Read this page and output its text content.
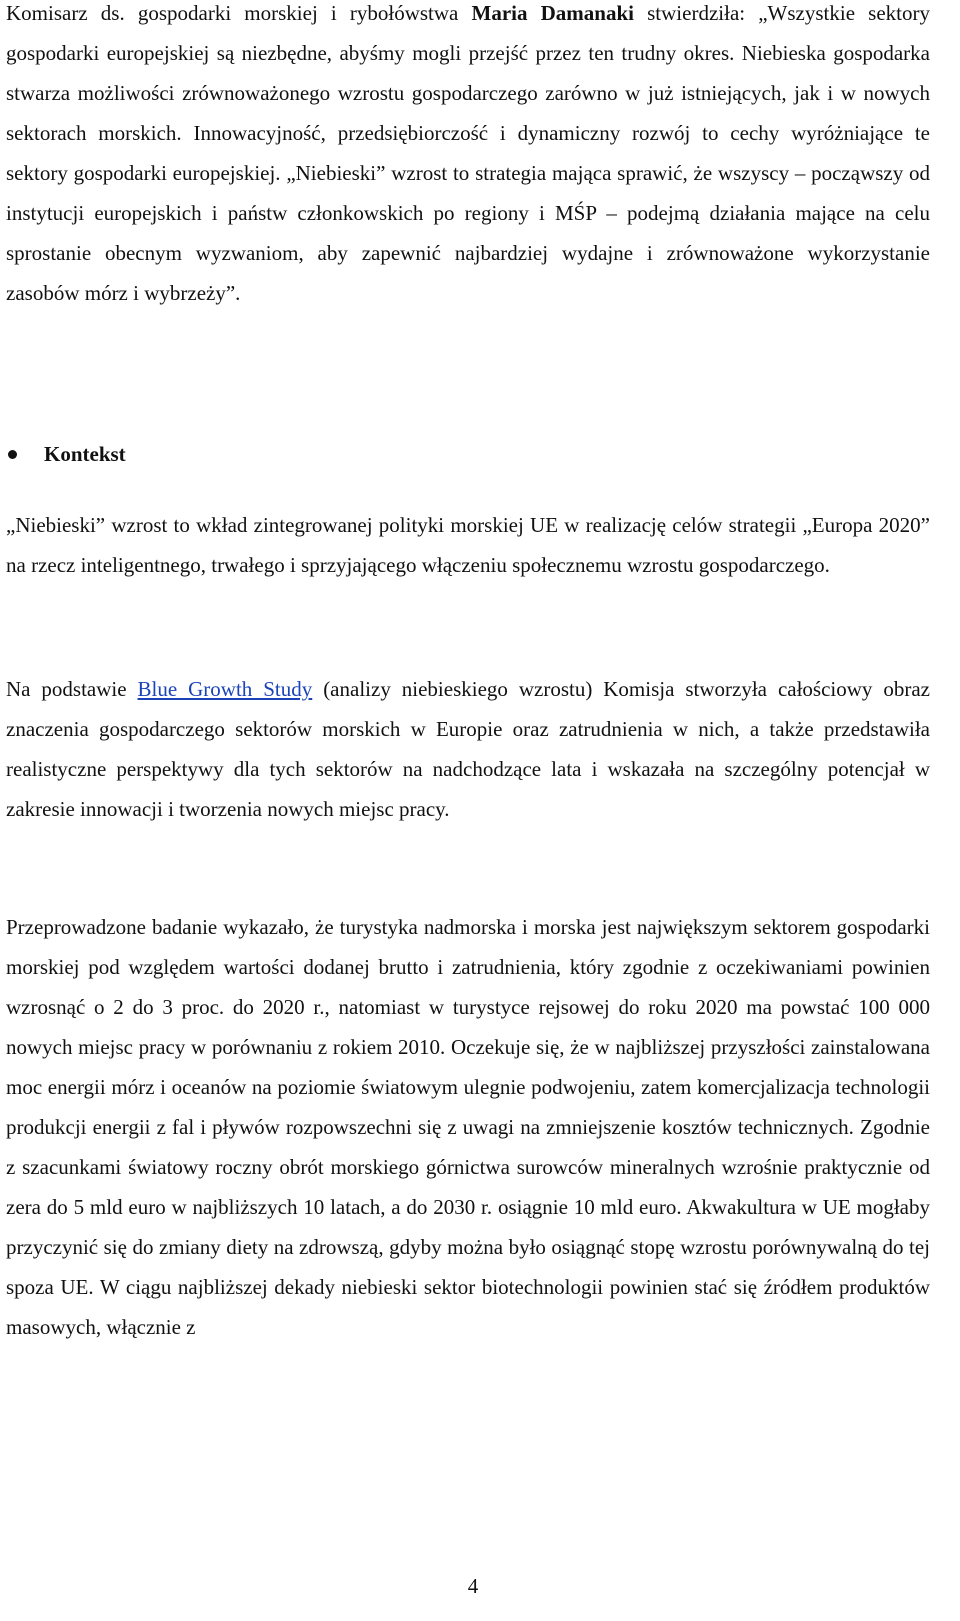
Komisarz ds. gospodarki morskiej i rybołówstwa Maria Damanaki stwierdziła: „Wszystkie sektory gospodarki europejskiej są niezbędne, abyśmy mogli przejść przez ten trudny okres. Niebieska gospodarka stwarza możliwości zrównoważonego wzrostu gospodarczego zarówno w już istniejących, jak i w nowych sektorach morskich. Innowacyjność, przedsiębiorczość i dynamiczny rozwój to cechy wyróżniające te sektory gospodarki europejskiej. „Niebieski” wzrost to strategia mająca sprawić, że wszyscy – począwszy od instytucji europejskich i państw członkowskich po regiony i MŚP – podejmą działania mające na celu sprostanie obecnym wyzwaniom, aby zapewnić najbardziej wydajne i zrównoważone wykorzystanie zasobów mórz i wybrzeży”.

Kontekst

„Niebieski” wzrost to wkład zintegrowanej polityki morskiej UE w realizację celów strategii „Europa 2020” na rzecz inteligentnego, trwałego i sprzyjającego włączeniu społecznemu wzrostu gospodarczego.

Na podstawie Blue Growth Study (analizy niebieskiego wzrostu) Komisja stworzyła całościowy obraz znaczenia gospodarczego sektorów morskich w Europie oraz zatrudnienia w nich, a także przedstawiła realistyczne perspektywy dla tych sektorów na nadchodzące lata i wskazała na szczególny potencjał w zakresie innowacji i tworzenia nowych miejsc pracy.

Przeprowadzone badanie wykazało, że turystyka nadmorska i morska jest największym sektorem gospodarki morskiej pod względem wartości dodanej brutto i zatrudnienia, który zgodnie z oczekiwaniami powinien wzrosnąć o 2 do 3 proc. do 2020 r., natomiast w turystyce rejsowej do roku 2020 ma powstać 100 000 nowych miejsc pracy w porównaniu z rokiem 2010. Oczekuje się, że w najbliższej przyszłości zainstalowana moc energii mórz i oceanów na poziomie światowym ulegnie podwojeniu, zatem komercjalizacja technologii produkcji energii z fal i pływów rozpowszechni się z uwagi na zmniejszenie kosztów technicznych. Zgodnie z szacunkami światowy roczny obrót morskiego górnictwa surowców mineralnych wzrośnie praktycznie od zera do 5 mld euro w najbliższych 10 latach, a do 2030 r. osiągnie 10 mld euro. Akwakultura w UE mogłaby przyczynić się do zmiany diety na zdrowszą, gdyby można było osiągnąć stopę wzrostu porównywalną do tej spoza UE. W ciągu najbliższej dekady niebieski sektor biotechnologii powinien stać się źródłem produktów masowych, włącznie z

4
